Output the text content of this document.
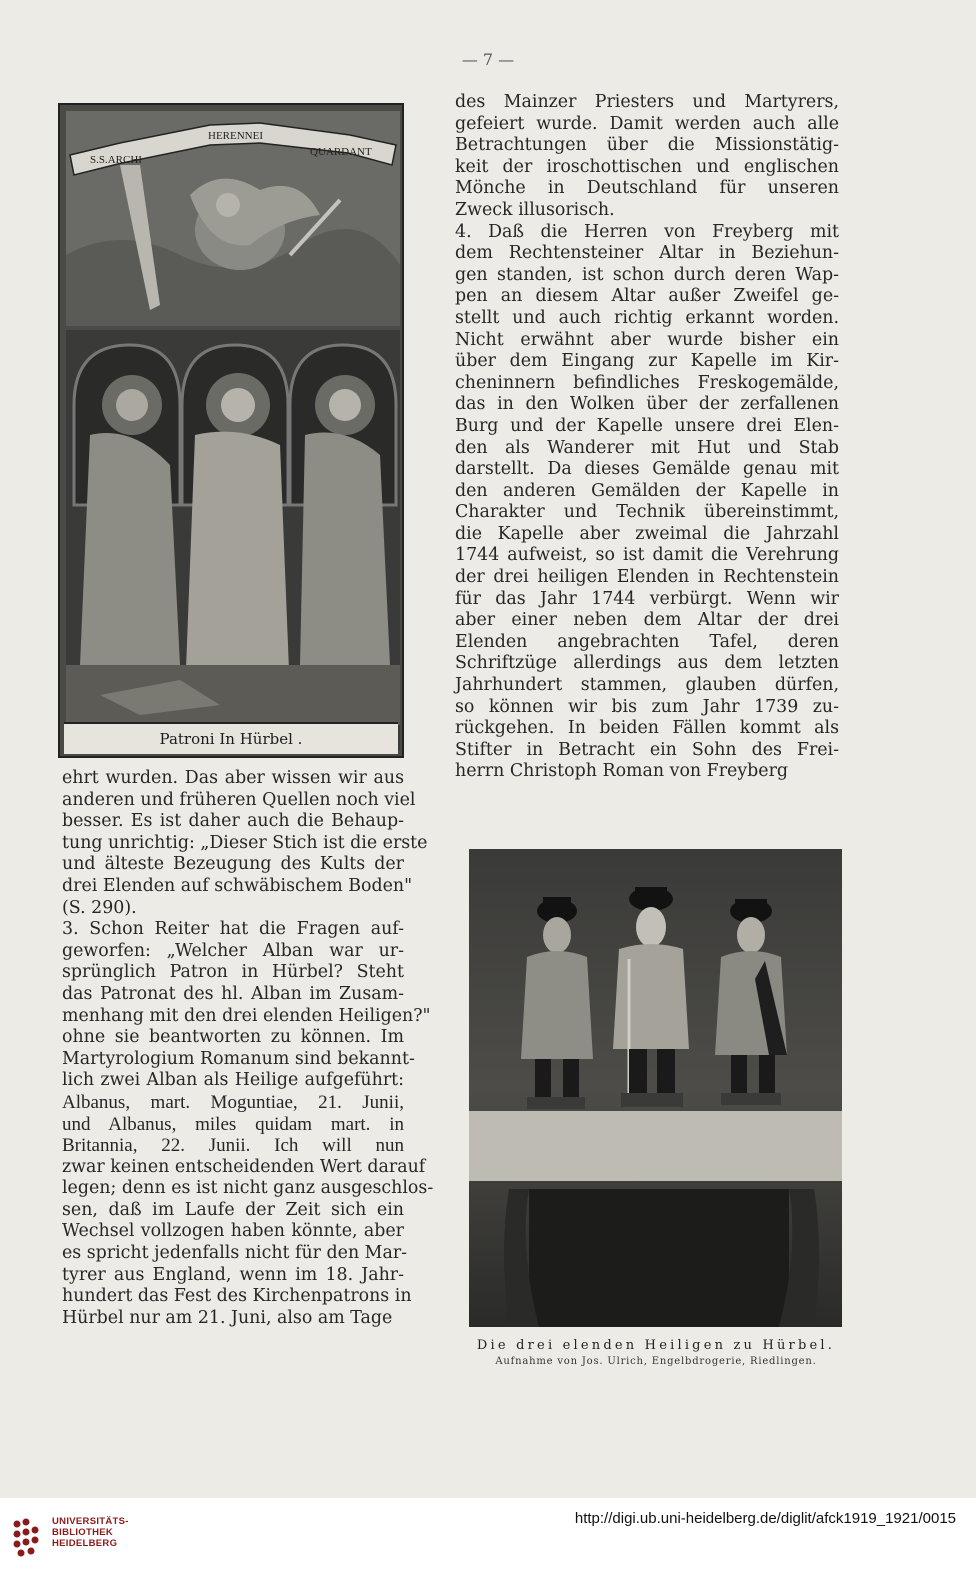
— 7 —
S.S.ARCHI
HERENNEI
QUARDANT
Patroni In Hürbel .
des Mainzer Priesters und Martyrers,
gefeiert wurde. Damit werden auch alle
Betrachtungen über die Missionstätig-
keit der iroschottischen und englischen
Mönche in Deutschland für unseren
Zweck illusorisch.
4. Daß die Herren von Freyberg mit
dem Rechtensteiner Altar in Beziehun-
gen standen, ist schon durch deren Wap-
pen an diesem Altar außer Zweifel ge-
stellt und auch richtig erkannt worden.
Nicht erwähnt aber wurde bisher ein
über dem Eingang zur Kapelle im Kir-
cheninnern befindliches Freskogemälde,
das in den Wolken über der zerfallenen
Burg und der Kapelle unsere drei Elen-
den als Wanderer mit Hut und Stab
darstellt. Da dieses Gemälde genau mit
den anderen Gemälden der Kapelle in
Charakter und Technik übereinstimmt,
die Kapelle aber zweimal die Jahrzahl
1744 aufweist, so ist damit die Verehrung
der drei heiligen Elenden in Rechtenstein
für das Jahr 1744 verbürgt. Wenn wir
aber einer neben dem Altar der drei
Elenden angebrachten Tafel, deren
Schriftzüge allerdings aus dem letzten
Jahrhundert stammen, glauben dürfen,
so können wir bis zum Jahr 1739 zu-
rückgehen. In beiden Fällen kommt als
Stifter in Betracht ein Sohn des Frei-
herrn Christoph Roman von Freyberg
ehrt wurden. Das aber wissen wir aus
anderen und früheren Quellen noch viel
besser. Es ist daher auch die Behaup-
tung unrichtig: „Dieser Stich ist die erste
und älteste Bezeugung des Kults der
drei Elenden auf schwäbischem Boden"
(S. 290).
3. Schon Reiter hat die Fragen auf-
geworfen: „Welcher Alban war ur-
sprünglich Patron in Hürbel? Steht
das Patronat des hl. Alban im Zusam-
menhang mit den drei elenden Heiligen?"
ohne sie beantworten zu können. Im
Martyrologium Romanum sind bekannt-
lich zwei Alban als Heilige aufgeführt:
Albanus, mart. Moguntiae, 21. Junii,
und Albanus, miles quidam mart. in
Britannia, 22. Junii. Ich will nun
zwar keinen entscheidenden Wert darauf
legen; denn es ist nicht ganz ausgeschlos-
sen, daß im Laufe der Zeit sich ein
Wechsel vollzogen haben könnte, aber
es spricht jedenfalls nicht für den Mar-
tyrer aus England, wenn im 18. Jahr-
hundert das Fest des Kirchenpatrons in
Hürbel nur am 21. Juni, also am Tage
Die drei elenden Heiligen zu Hürbel.
Aufnahme von Jos. Ulrich, Engelbdrogerie, Riedlingen.
UNIVERSITÄTS-
BIBLIOTHEK
HEIDELBERG
http://digi.ub.uni-heidelberg.de/diglit/afck1919_1921/0015
